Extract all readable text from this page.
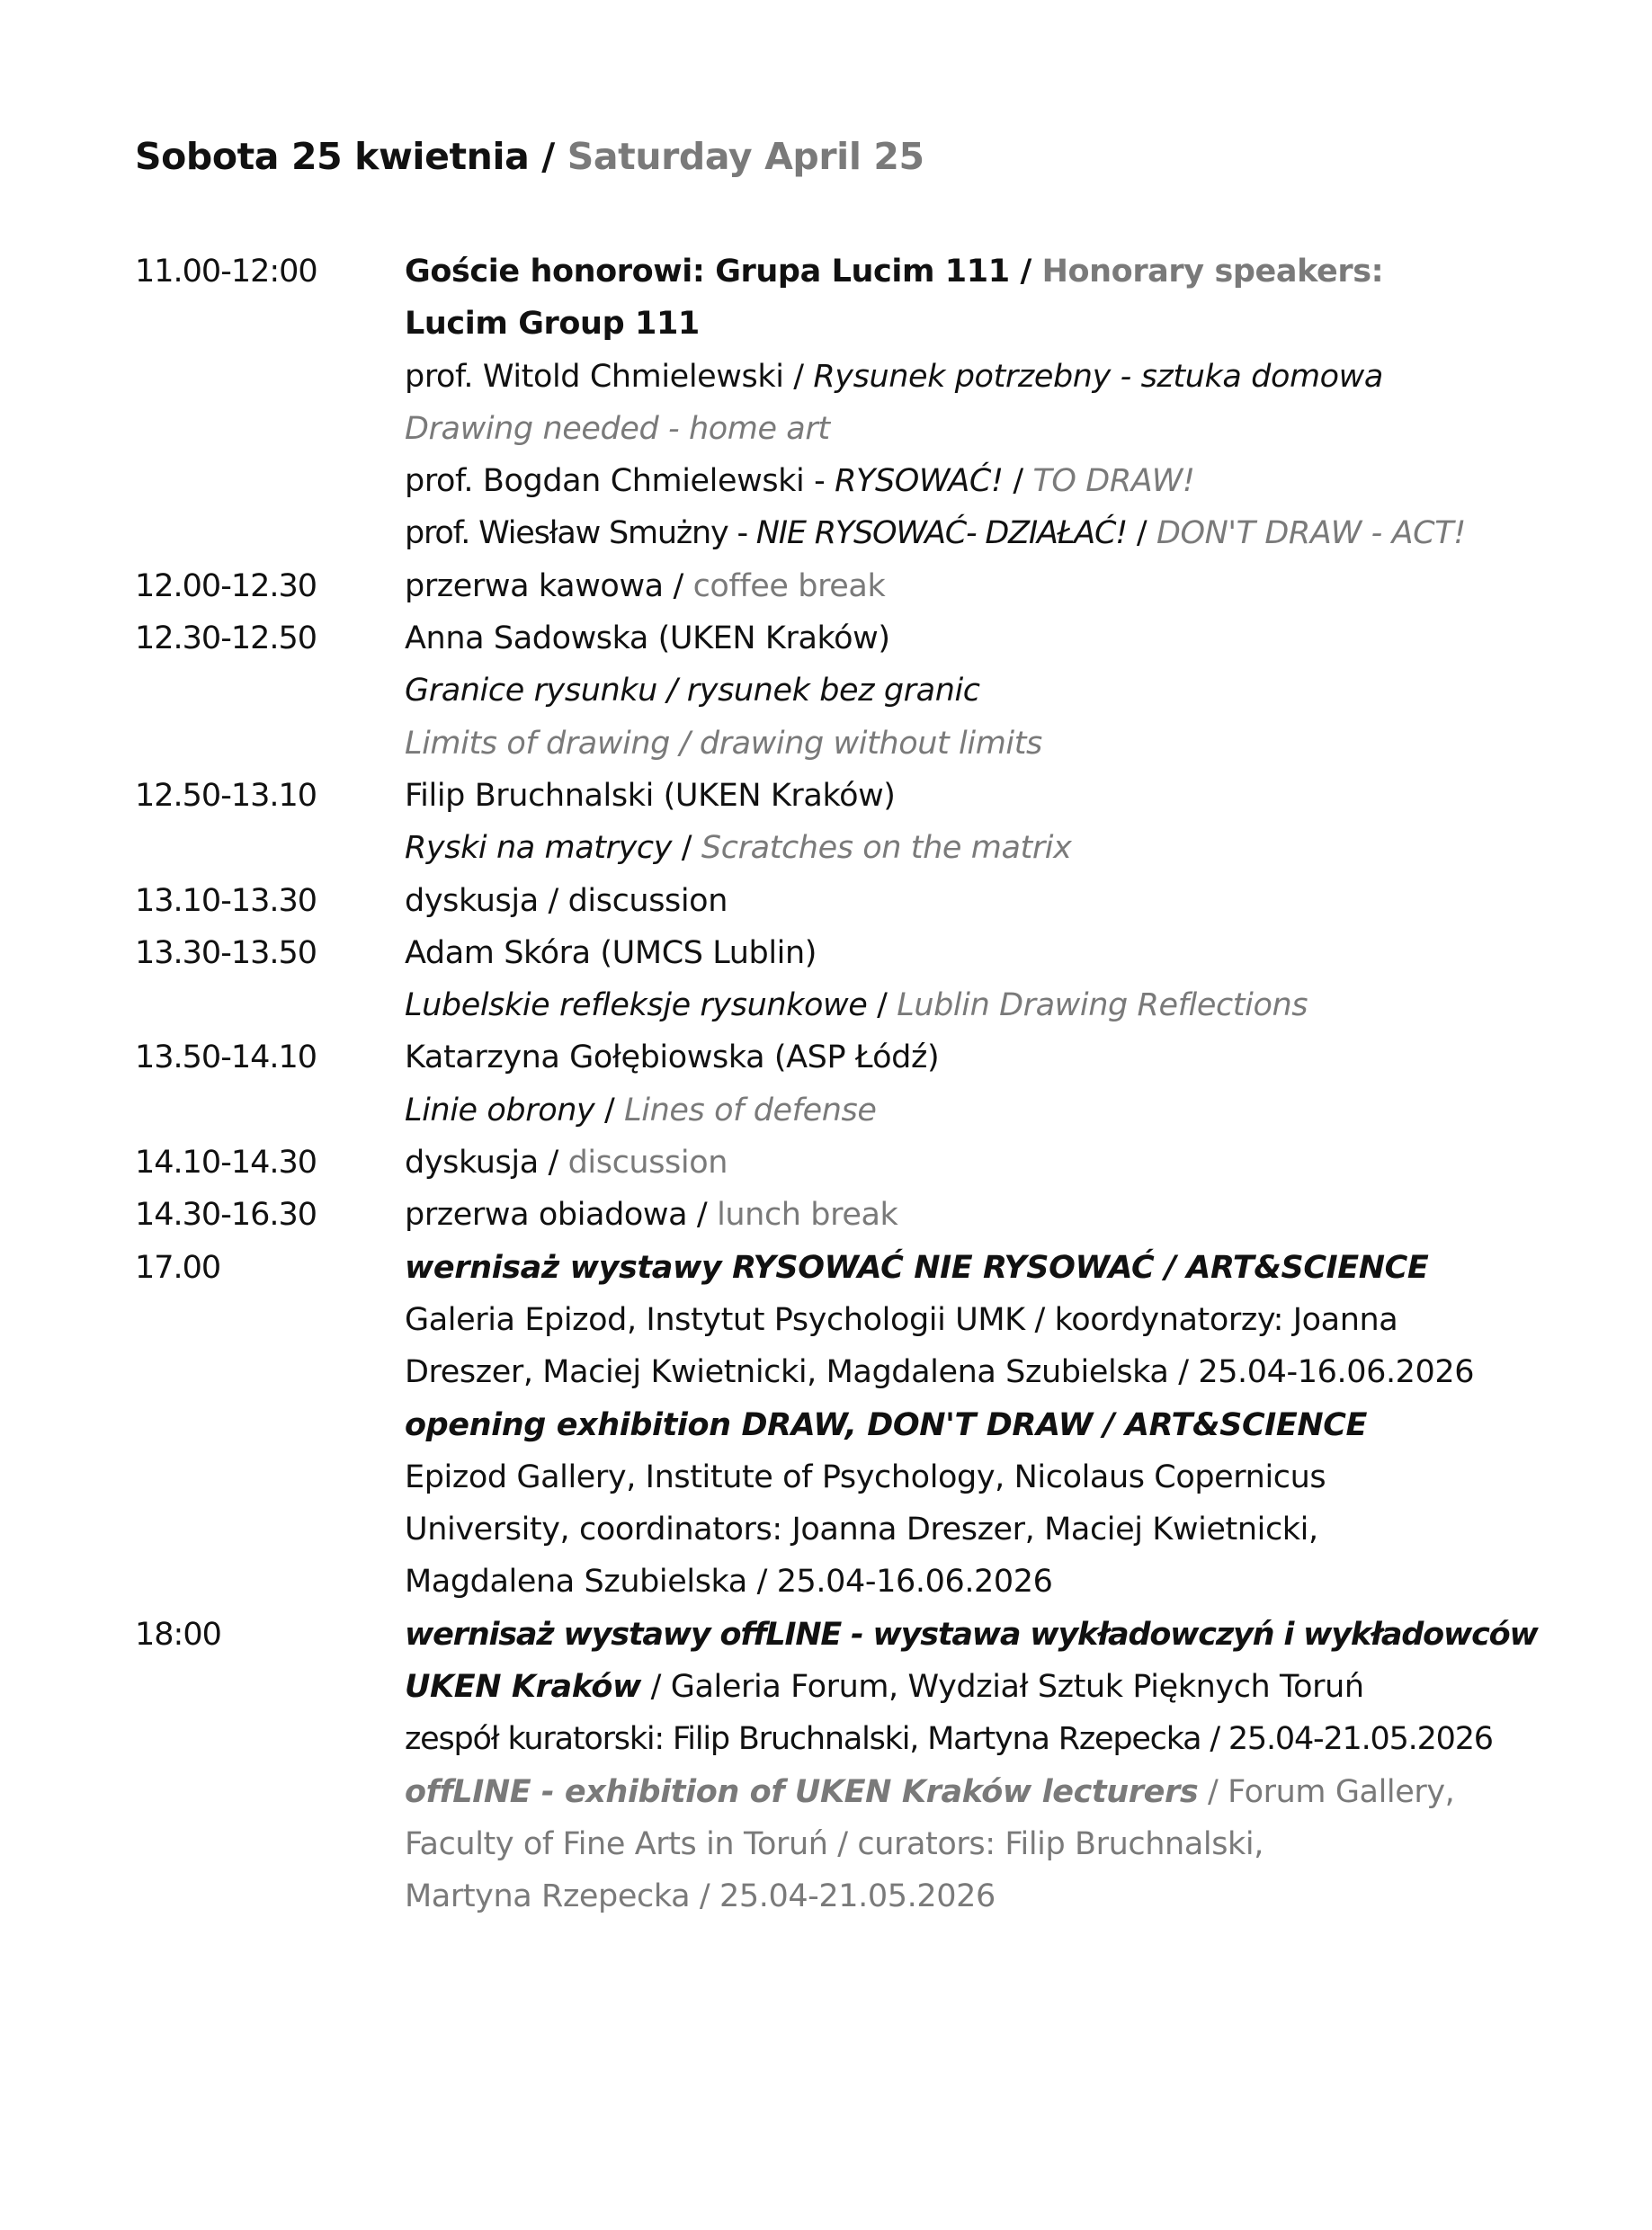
Sobota 25 kwietnia / Saturday April 25
11.00-12:00	Goście honorowi: Grupa Lucim 111 / Honorary speakers:
Lucim Group 111
prof. Witold Chmielewski / Rysunek potrzebny - sztuka domowa
Drawing needed - home art
prof. Bogdan Chmielewski - RYSOWAĆ! / TO DRAW!
prof. Wiesław Smużny - NIE RYSOWAĆ- DZIAŁAĆ! / DON'T DRAW - ACT!
12.00-12.30	przerwa kawowa / coffee break
12.30-12.50	Anna Sadowska (UKEN Kraków)
Granice rysunku / rysunek bez granic
Limits of drawing / drawing without limits
12.50-13.10	Filip Bruchnalski (UKEN Kraków)
Ryski na matrycy / Scratches on the matrix
13.10-13.30	dyskusja / discussion
13.30-13.50	Adam Skóra (UMCS Lublin)
Lubelskie refleksje rysunkowe / Lublin Drawing Reflections
13.50-14.10	Katarzyna Gołębiowska (ASP Łódź)
Linie obrony / Lines of defense
14.10-14.30	dyskusja / discussion
14.30-16.30	przerwa obiadowa / lunch break
17.00	wernisaż wystawy RYSOWAĆ NIE RYSOWAĆ / ART&SCIENCE
Galeria Epizod, Instytut Psychologii UMK / koordynatorzy: Joanna
Dreszer, Maciej Kwietnicki, Magdalena Szubielska / 25.04-16.06.2026
opening exhibition DRAW, DON'T DRAW / ART&SCIENCE
Epizod Gallery, Institute of Psychology, Nicolaus Copernicus
University, coordinators: Joanna Dreszer, Maciej Kwietnicki,
Magdalena Szubielska / 25.04-16.06.2026
18:00	wernisaż wystawy offLINE - wystawa wykładowczyń i wykładowców
UKEN Kraków / Galeria Forum, Wydział Sztuk Pięknych Toruń
zespół kuratorski: Filip Bruchnalski, Martyna Rzepecka / 25.04-21.05.2026
offLINE - exhibition of UKEN Kraków lecturers / Forum Gallery,
Faculty of Fine Arts in Toruń / curators: Filip Bruchnalski,
Martyna Rzepecka / 25.04-21.05.2026
